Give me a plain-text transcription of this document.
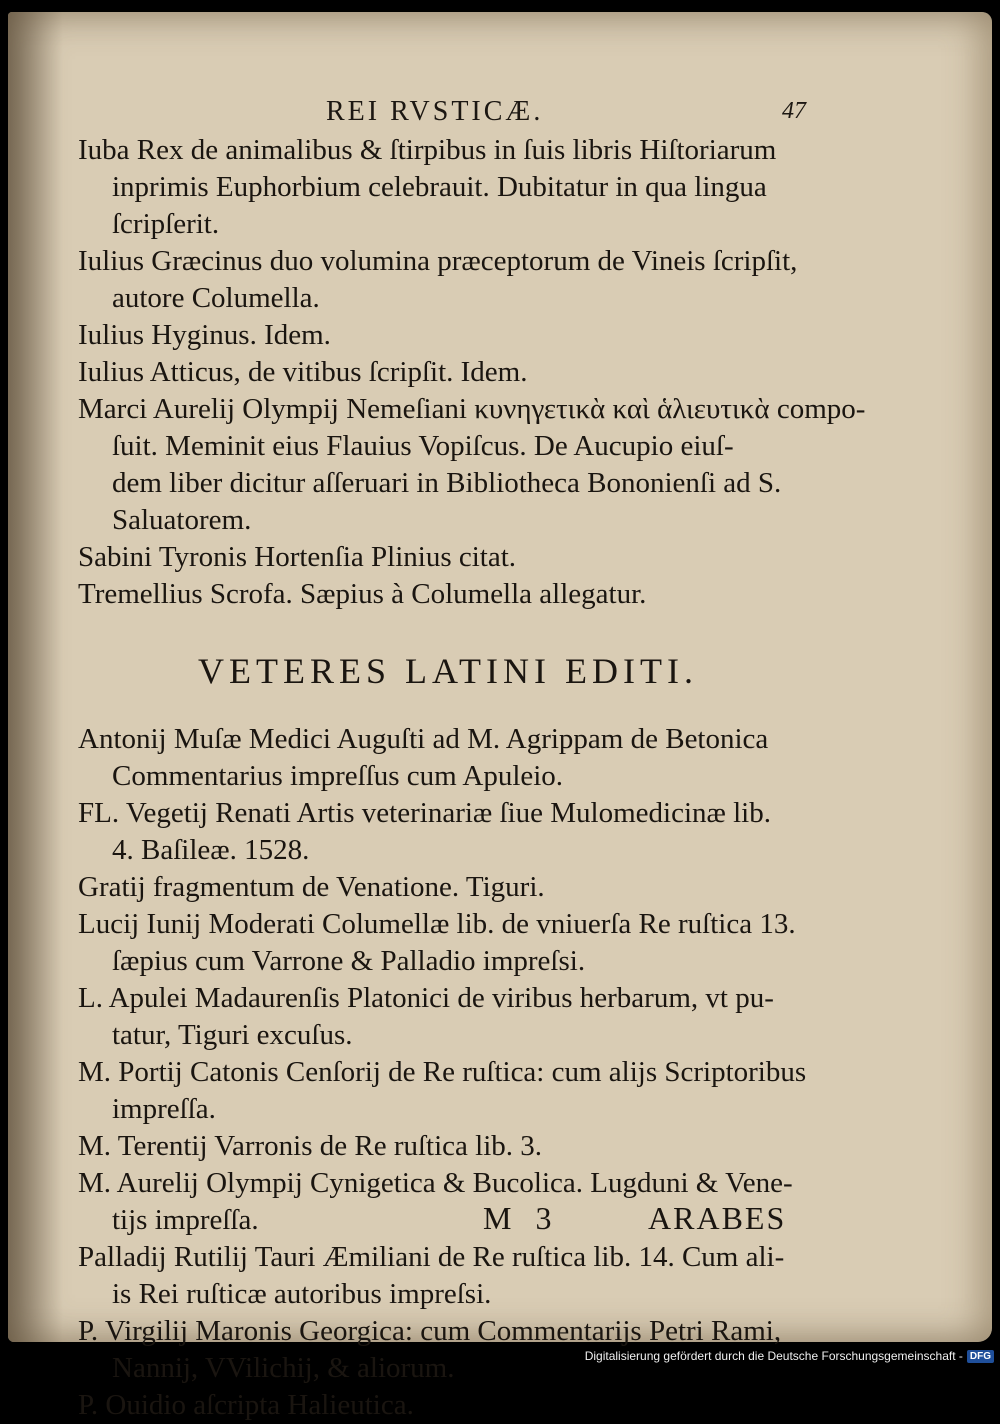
REI RVSTICÆ.	47

Iuba Rex de animalibus & ſtirpibus in ſuis libris Hiſtoriarum
inprimis Euphorbium celebrauit. Dubitatur in qua lingua
ſcripſerit.

Iulius Græcinus duo volumina præceptorum de Vineis ſcripſit,
autore Columella.

Iulius Hyginus. Idem.

Iulius Atticus, de vitibus ſcripſit. Idem.

Marci Aurelij Olympij Nemeſiani κυνηγετικὰ καὶ ἁλιευτικὰ compo-
ſuit. Meminit eius Flauius Vopiſcus. De Aucupio eiuſ-
dem liber dicitur aſſeruari in Bibliotheca Bononienſi ad S.
Saluatorem.

Sabini Tyronis Hortenſia Plinius citat.

Tremellius Scrofa. Sæpius à Columella allegatur.

VETERES LATINI EDITI.

Antonij Muſæ Medici Auguſti ad M. Agrippam de Betonica
Commentarius impreſſus cum Apuleio.

FL. Vegetij Renati Artis veterinariæ ſiue Mulomedicinæ lib.
4. Baſileæ. 1528.

Gratij fragmentum de Venatione. Tiguri.

Lucij Iunij Moderati Columellæ lib. de vniuerſa Re ruſtica 13.
ſæpius cum Varrone & Palladio impreſsi.

L. Apulei Madaurenſis Platonici de viribus herbarum, vt pu-
tatur, Tiguri excuſus.

M. Portij Catonis Cenſorij de Re ruſtica: cum alijs Scriptoribus
impreſſa.

M. Terentij Varronis de Re ruſtica lib. 3.

M. Aurelij Olympij Cynigetica & Bucolica. Lugduni & Vene-
tijs impreſſa.

Palladij Rutilij Tauri Æmiliani de Re ruſtica lib. 14. Cum ali-
is Rei ruſticæ autoribus impreſsi.

P. Virgilij Maronis Georgica: cum Commentarijs Petri Rami,
Nannij, VVilichij, & aliorum.

P. Ouidio aſcripta Halieutica.

M 3	ARABES
Digitalisierung gefördert durch die Deutsche Forschungsgemeinschaft - DFG
